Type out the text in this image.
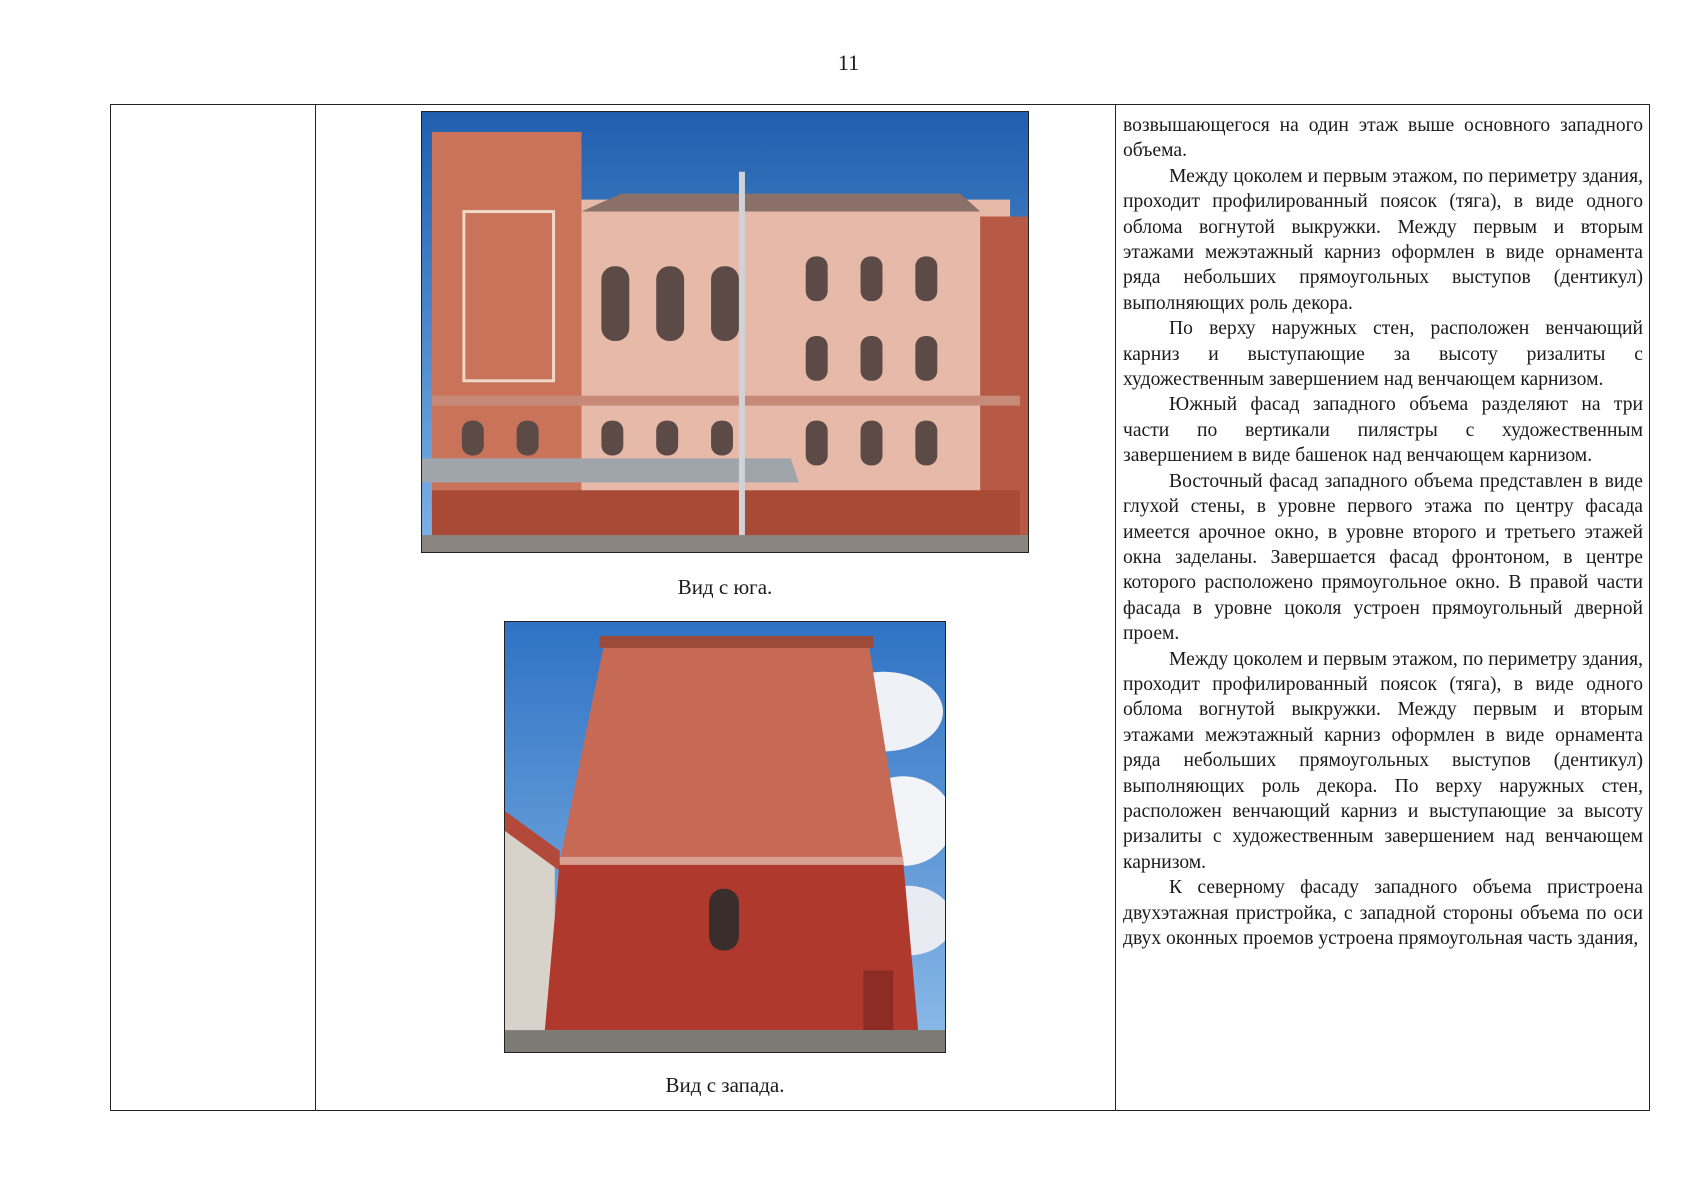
11
Вид с юга.
Вид с запада.

возвышающегося на один этаж выше основного западного объема.

Между цоколем и первым этажом, по периметру здания, проходит профилированный поясок (тяга), в виде одного облома вогнутой выкружки. Между первым и вторым этажами межэтажный карниз оформлен в виде орнамента ряда небольших прямоугольных выступов (дентикул) выполняющих роль декора.

По верху наружных стен, расположен венчающий карниз и выступающие за высоту ризалиты с художественным завершением над венчающем карнизом.

Южный фасад западного объема разделяют на три части по вертикали пилястры с художественным завершением в виде башенок над венчающем карнизом.

Восточный фасад западного объема представлен в виде глухой стены, в уровне первого этажа по центру фасада имеется арочное окно, в уровне второго и третьего этажей окна заделаны. Завершается фасад фронтоном, в центре которого расположено прямоугольное окно. В правой части фасада в уровне цоколя устроен прямоугольный дверной проем.

Между цоколем и первым этажом, по периметру здания, проходит профилированный поясок (тяга), в виде одного облома вогнутой выкружки. Между первым и вторым этажами межэтажный карниз оформлен в виде орнамента ряда небольших прямоугольных выступов (дентикул) выполняющих роль декора. По верху наружных стен, расположен венчающий карниз и выступающие за высоту ризалиты с художественным завершением над венчающем карнизом.

К северному фасаду западного объема пристроена двухэтажная пристройка, с западной стороны объема по оси двух оконных проемов устроена прямоугольная часть здания,
